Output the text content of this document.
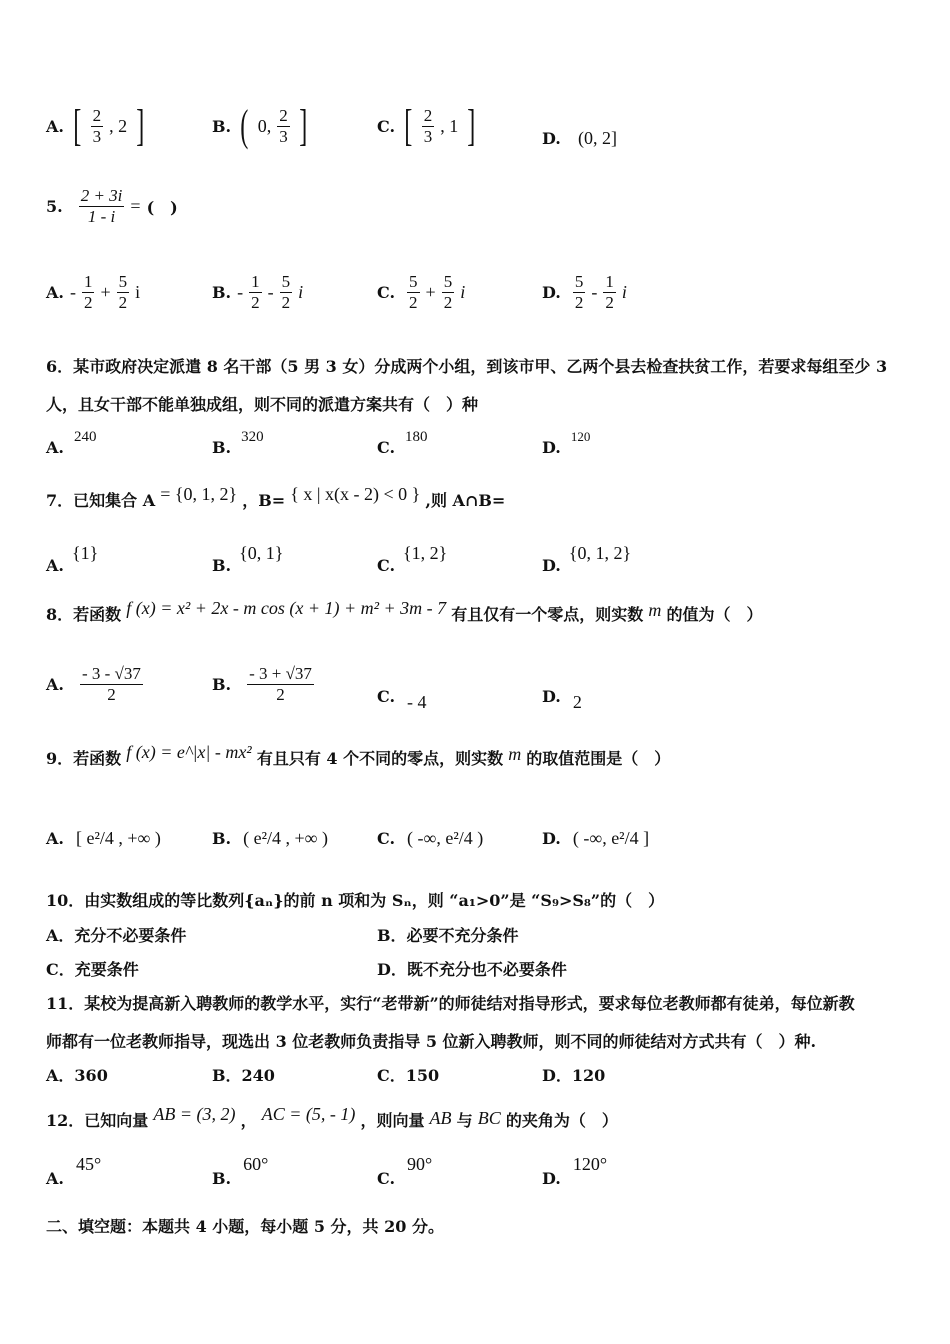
A. [ $\frac{2}{3}$ , 2 ]	B. ( 0, $\frac{2}{3}$ ]	C. [ $\frac{2}{3}$ , 1 ]	D. (0, 2]
5. $\frac{2 + 3i}{1 - i}$ = (　)
A. - $\frac{1}{2} + \frac{5}{2}$ i	B. - $\frac{1}{2} - \frac{5}{2}$ i	C. $\frac{5}{2} + \frac{5}{2}$ i	D. $\frac{5}{2} - \frac{1}{2}$ i
6．某市政府决定派遣 8 名干部（5 男 3 女）分成两个小组，到该市甲、乙两个县去检查扶贫工作，若要求每组至少 3
人，且女干部不能单独成组，则不同的派遣方案共有（　）种
A.240
B.320
C.180
D.120
7．已知集合 A = {0, 1, 2} ，B= { x | x(x - 2) < 0 } ,则 A∩B=
A.{1}
B.{0, 1}
C.{1, 2}
D.{0, 1, 2}
8．若函数 f (x) = x² + 2x - m cos (x + 1) + m² + 3m - 7 有且仅有一个零点，则实数 m 的值为（　）
A. $\frac{- 3 - √37}{2}$	B. $\frac{- 3 + √37}{2}$	C. - 4	D. 2
9．若函数 f (x) = e^|x| - mx² 有且只有 4 个不同的零点，则实数 m 的取值范围是（　）
A. [ e²/4 , +∞ )	B. ( e²/4 , +∞ )	C. ( -∞, e²/4 )	D. ( -∞, e²/4 ]
10．由实数组成的等比数列{aₙ}的前 n 项和为 Sₙ，则 “a₁>0”是 “S₉>S₈”的（　）
A．充分不必要条件	B．必要不充分条件
C．充要条件	D．既不充分也不必要条件
11．某校为提高新入聘教师的教学水平，实行“老带新”的师徒结对指导形式，要求每位老教师都有徒弟，每位新教
师都有一位老教师指导，现选出 3 位老教师负责指导 5 位新入聘教师，则不同的师徒结对方式共有（　）种.
A．360	B．240	C．150	D．120
12．已知向量 AB = (3, 2) ， AC = (5, - 1) ，则向量 AB 与 BC 的夹角为（　）
A.45°
B.60°
C.90°
D.120°
二、填空题：本题共 4 小题，每小题 5 分，共 20 分。
